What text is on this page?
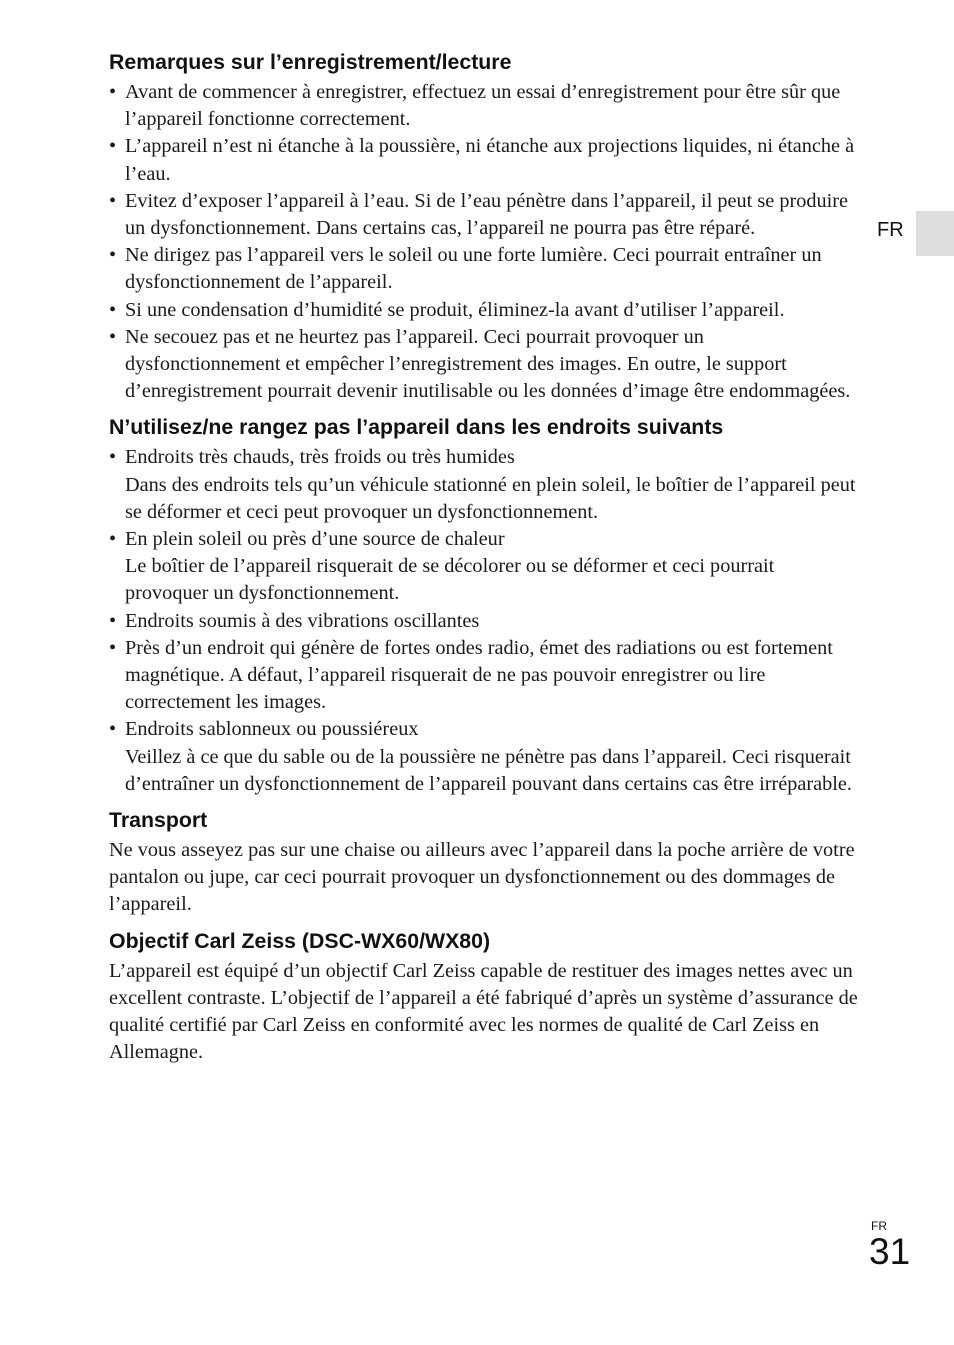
FR
Remarques sur l’enregistrement/lecture
• Avant de commencer à enregistrer, effectuez un essai d’enregistrement pour être sûr que l’appareil fonctionne correctement.
• L’appareil n’est ni étanche à la poussière, ni étanche aux projections liquides, ni étanche à l’eau.
• Evitez d’exposer l’appareil à l’eau. Si de l’eau pénètre dans l’appareil, il peut se produire un dysfonctionnement. Dans certains cas, l’appareil ne pourra pas être réparé.
• Ne dirigez pas l’appareil vers le soleil ou une forte lumière. Ceci pourrait entraîner un dysfonctionnement de l’appareil.
• Si une condensation d’humidité se produit, éliminez-la avant d’utiliser l’appareil.
• Ne secouez pas et ne heurtez pas l’appareil. Ceci pourrait provoquer un dysfonctionnement et empêcher l’enregistrement des images. En outre, le support d’enregistrement pourrait devenir inutilisable ou les données d’image être endommagées.
N’utilisez/ne rangez pas l’appareil dans les endroits suivants
• Endroits très chauds, très froids ou très humides
Dans des endroits tels qu’un véhicule stationné en plein soleil, le boîtier de l’appareil peut se déformer et ceci peut provoquer un dysfonctionnement.
• En plein soleil ou près d’une source de chaleur
Le boîtier de l’appareil risquerait de se décolorer ou se déformer et ceci pourrait provoquer un dysfonctionnement.
• Endroits soumis à des vibrations oscillantes
• Près d’un endroit qui génère de fortes ondes radio, émet des radiations ou est fortement magnétique. A défaut, l’appareil risquerait de ne pas pouvoir enregistrer ou lire correctement les images.
• Endroits sablonneux ou poussiéreux
Veillez à ce que du sable ou de la poussière ne pénètre pas dans l’appareil. Ceci risquerait d’entraîner un dysfonctionnement de l’appareil pouvant dans certains cas être irréparable.
Transport

Ne vous asseyez pas sur une chaise ou ailleurs avec l’appareil dans la poche arrière de votre pantalon ou jupe, car ceci pourrait provoquer un dysfonctionnement ou des dommages de l’appareil.

Objectif Carl Zeiss (DSC-WX60/WX80)

L’appareil est équipé d’un objectif Carl Zeiss capable de restituer des images nettes avec un excellent contraste. L’objectif de l’appareil a été fabriqué d’après un système d’assurance de qualité certifié par Carl Zeiss en conformité avec les normes de qualité de Carl Zeiss en Allemagne.

FR
31
